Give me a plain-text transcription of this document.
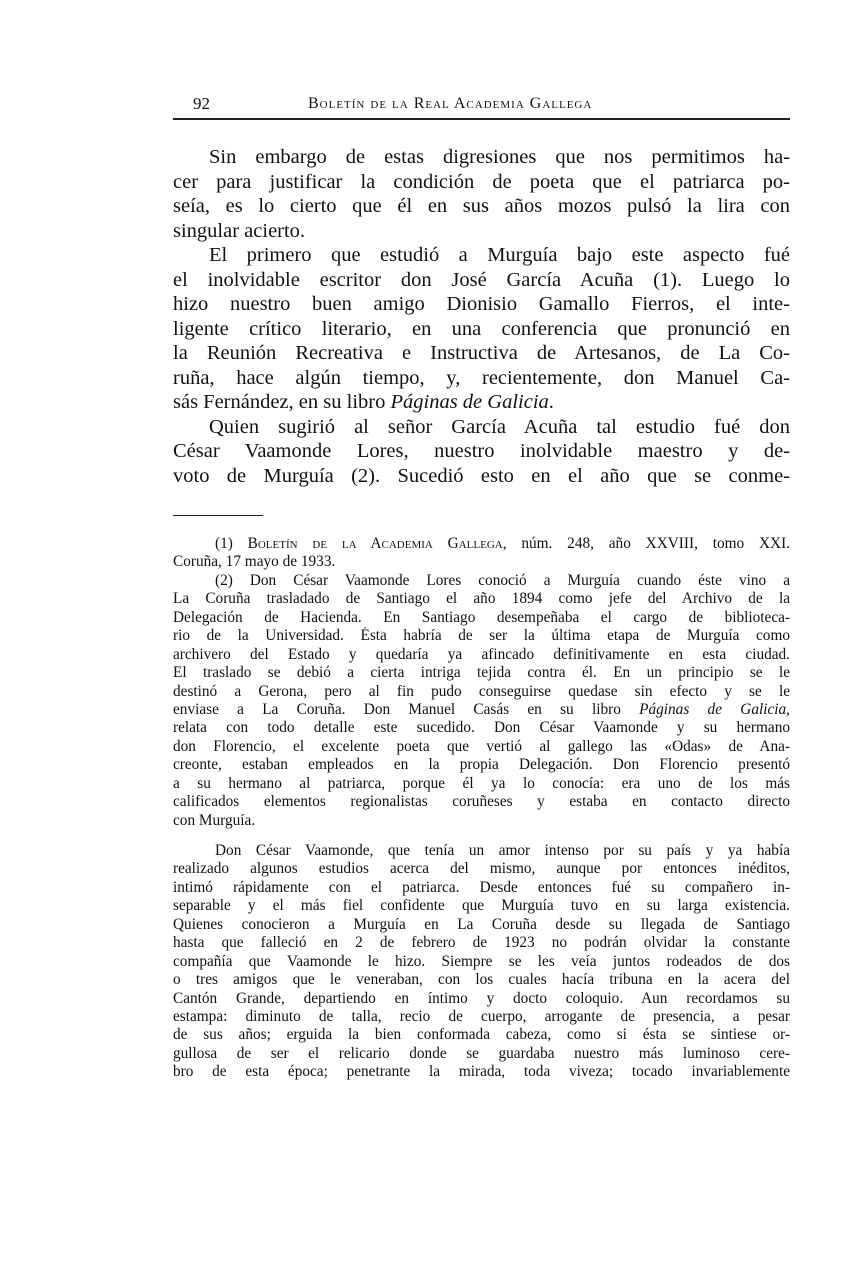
92	Boletín de la Real Academia Gallega
Sin embargo de estas digresiones que nos permitimos ha-
cer para justificar la condición de poeta que el patriarca po-
seía, es lo cierto que él en sus años mozos pulsó la lira con
singular acierto.
El primero que estudió a Murguía bajo este aspecto fué
el inolvidable escritor don José García Acuña (1). Luego lo
hizo nuestro buen amigo Dionisio Gamallo Fierros, el inte-
ligente crítico literario, en una conferencia que pronunció en
la Reunión Recreativa e Instructiva de Artesanos, de La Co-
ruña, hace algún tiempo, y, recientemente, don Manuel Ca-
sás Fernández, en su libro Páginas de Galicia.
Quien sugirió al señor García Acuña tal estudio fué don
César Vaamonde Lores, nuestro inolvidable maestro y de-
voto de Murguía (2). Sucedió esto en el año que se conme-
(1) Boletín de la Academia Gallega, núm. 248, año XXVIII, tomo XXI.
Coruña, 17 mayo de 1933.
(2) Don César Vaamonde Lores conoció a Murguía cuando éste vino a
La Coruña trasladado de Santiago el año 1894 como jefe del Archivo de la
Delegación de Hacienda. En Santiago desempeñaba el cargo de biblioteca-
rio de la Universidad. Ésta habría de ser la última etapa de Murguía como
archivero del Estado y quedaría ya afincado definitivamente en esta ciudad.
El traslado se debió a cierta intriga tejida contra él. En un principio se le
destinó a Gerona, pero al fin pudo conseguirse quedase sin efecto y se le
enviase a La Coruña. Don Manuel Casás en su libro Páginas de Galicia,
relata con todo detalle este sucedido. Don César Vaamonde y su hermano
don Florencio, el excelente poeta que vertió al gallego las «Odas» de Ana-
creonte, estaban empleados en la propia Delegación. Don Florencio presentó
a su hermano al patriarca, porque él ya lo conocía: era uno de los más
calificados elementos regionalistas coruñeses y estaba en contacto directo
con Murguía.
Don César Vaamonde, que tenía un amor intenso por su país y ya había
realizado algunos estudios acerca del mismo, aunque por entonces inéditos,
intimó rápidamente con el patriarca. Desde entonces fué su compañero in-
separable y el más fiel confidente que Murguía tuvo en su larga existencia.
Quienes conocieron a Murguía en La Coruña desde su llegada de Santiago
hasta que falleció en 2 de febrero de 1923 no podrán olvidar la constante
compañía que Vaamonde le hizo. Siempre se les veía juntos rodeados de dos
o tres amigos que le veneraban, con los cuales hacía tribuna en la acera del
Cantón Grande, departiendo en íntimo y docto coloquio. Aun recordamos su
estampa: diminuto de talla, recio de cuerpo, arrogante de presencia, a pesar
de sus años; erguida la bien conformada cabeza, como si ésta se sintiese or-
gullosa de ser el relicario donde se guardaba nuestro más luminoso cere-
bro de esta época; penetrante la mirada, toda viveza; tocado invariablemente
